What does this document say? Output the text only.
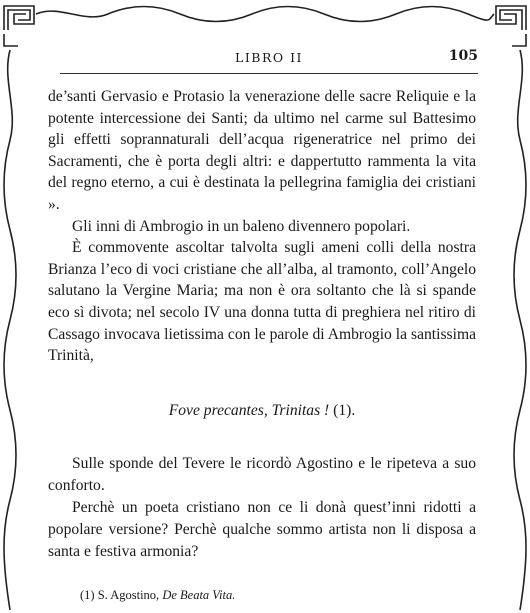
LIBRO II	105

de’santi Gervasio e Protasio la venerazione delle sacre Reliquie e la potente intercessione dei Santi; da ultimo nel carme sul Battesimo gli effetti soprannaturali dell’acqua rigeneratrice nel primo dei Sacramenti, che è porta degli altri: e dappertutto rammenta la vita del regno eterno, a cui è destinata la pellegrina famiglia dei cristiani ».

Gli inni di Ambrogio in un baleno divennero popolari.

È commovente ascoltar talvolta sugli ameni colli della nostra Brianza l’eco di voci cristiane che all’alba, al tramonto, coll’Angelo salutano la Vergine Maria; ma non è ora soltanto che là si spande eco sì divota; nel secolo IV una donna tutta di preghiera nel ritiro di Cassago invocava lietissima con le parole di Ambrogio la santissima Trinità,

Fove precantes, Trinitas ! (1).

Sulle sponde del Tevere le ricordò Agostino e le ripeteva a suo conforto.

Perchè un poeta cristiano non ce li donà quest’inni ridotti a popolare versione? Perchè qualche sommo artista non li disposa a santa e festiva armonia?

(1) S. Agostino, De Beata Vita.
